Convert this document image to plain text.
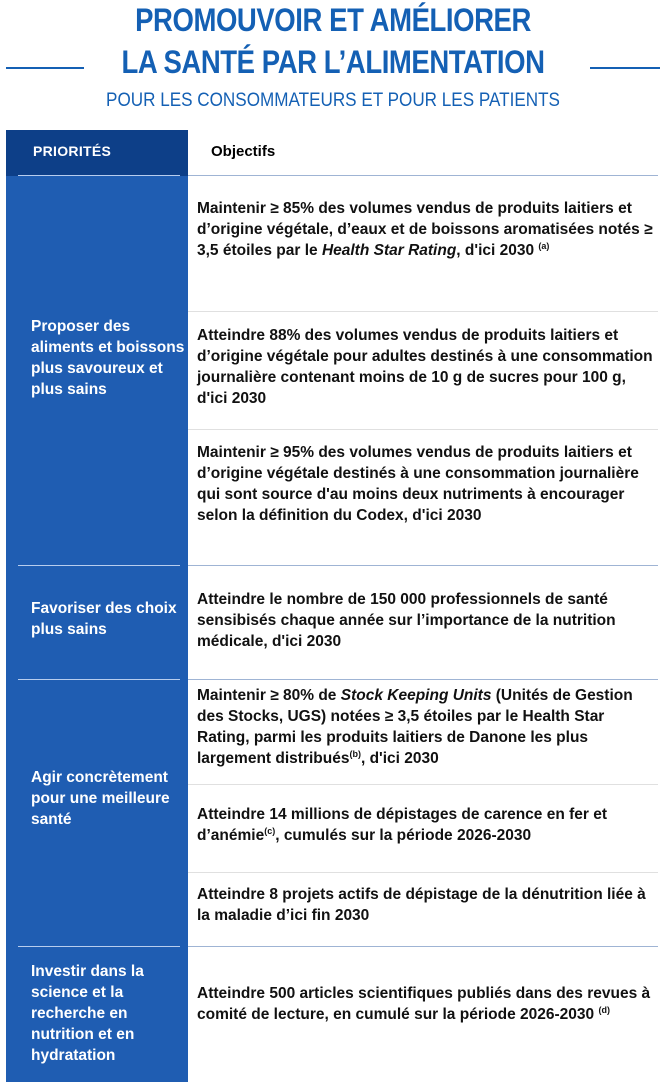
PROMOUVOIR ET AMÉLIORER
LA SANTÉ PAR L’ALIMENTATION
POUR LES CONSOMMATEURS ET POUR LES PATIENTS
PRIORITÉS	Objectifs
Proposer des aliments et boissons plus savoureux et plus sains
Maintenir ≥ 85% des volumes vendus de produits laitiers et d’origine végétale, d’eaux et de boissons aromatisées notés ≥ 3,5 étoiles par le Health Star Rating, d'ici 2030 $^{(a)}$
Atteindre 88% des volumes vendus de produits laitiers et d’origine végétale pour adultes destinés à une consommation journalière contenant moins de 10 g de sucres pour 100 g, d'ici 2030
Maintenir ≥ 95% des volumes vendus de produits laitiers et d’origine végétale destinés à une consommation journalière qui sont source d'au moins deux nutriments à encourager selon la définition du Codex, d'ici 2030
Favoriser des choix plus sains
Atteindre le nombre de 150 000 professionnels de santé sensibisés chaque année sur l’importance de la nutrition médicale, d'ici 2030
Agir concrètement pour une meilleure santé
Maintenir ≥ 80% de Stock Keeping Units (Unités de Gestion des Stocks, UGS) notées ≥ 3,5 étoiles par le Health Star Rating, parmi les produits laitiers de Danone les plus largement distribués$^{(b)}$, d'ici 2030
Atteindre 14 millions de dépistages de carence en fer et d’anémie$^{(c)}$, cumulés sur la période 2026-2030
Atteindre 8 projets actifs de dépistage de la dénutrition liée à la maladie d’ici fin 2030
Investir dans la science et la recherche en nutrition et en hydratation
Atteindre 500 articles scientifiques publiés dans des revues à comité de lecture, en cumulé sur la période 2026-2030 $^{(d)}$
